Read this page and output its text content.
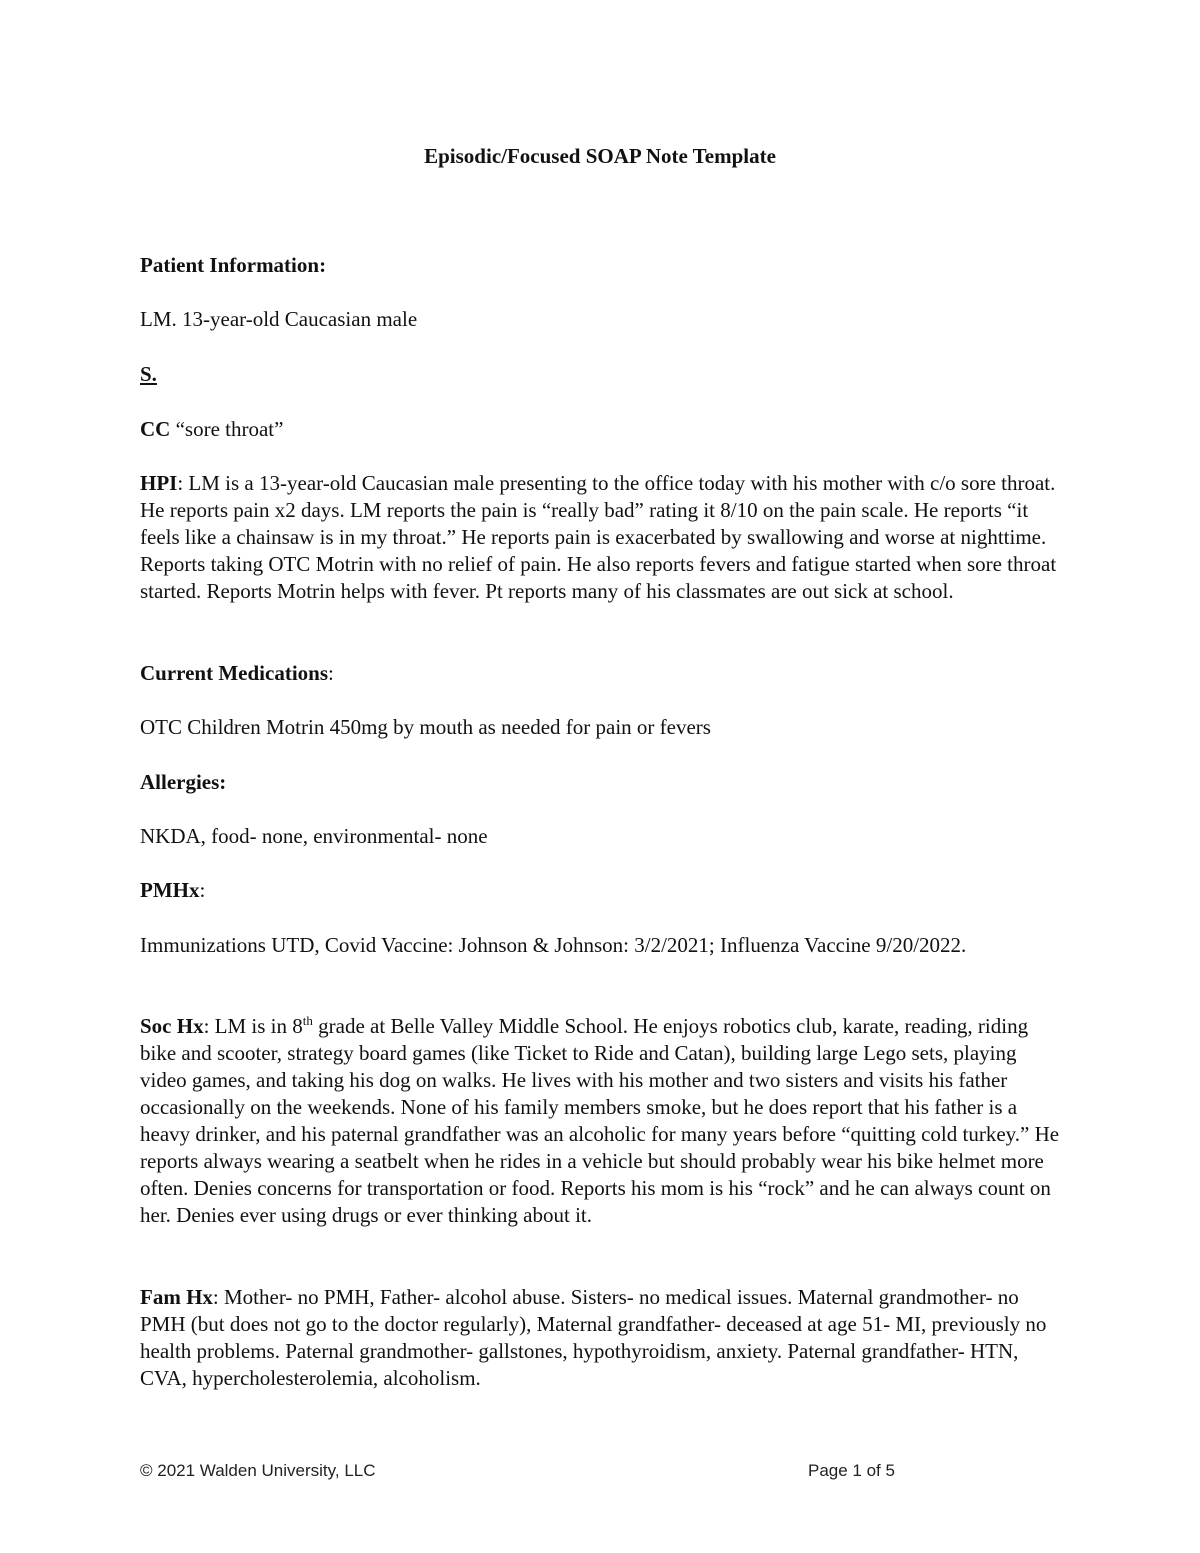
Episodic/Focused SOAP Note Template

Patient Information:

LM. 13-year-old Caucasian male

S.

CC “sore throat”

HPI: LM is a 13-year-old Caucasian male presenting to the office today with his mother with c/o sore throat. He reports pain x2 days. LM reports the pain is “really bad” rating it 8/10 on the pain scale. He reports “it feels like a chainsaw is in my throat.” He reports pain is exacerbated by swallowing and worse at nighttime. Reports taking OTC Motrin with no relief of pain. He also reports fevers and fatigue started when sore throat started. Reports Motrin helps with fever. Pt reports many of his classmates are out sick at school.

Current Medications:

OTC Children Motrin 450mg by mouth as needed for pain or fevers

Allergies:

NKDA, food- none, environmental- none

PMHx:

Immunizations UTD, Covid Vaccine: Johnson & Johnson: 3/2/2021; Influenza Vaccine 9/20/2022.

Soc Hx: LM is in 8th grade at Belle Valley Middle School. He enjoys robotics club, karate, reading, riding bike and scooter, strategy board games (like Ticket to Ride and Catan), building large Lego sets, playing video games, and taking his dog on walks. He lives with his mother and two sisters and visits his father occasionally on the weekends. None of his family members smoke, but he does report that his father is a heavy drinker, and his paternal grandfather was an alcoholic for many years before “quitting cold turkey.” He reports always wearing a seatbelt when he rides in a vehicle but should probably wear his bike helmet more often. Denies concerns for transportation or food. Reports his mom is his “rock” and he can always count on her. Denies ever using drugs or ever thinking about it.

Fam Hx: Mother- no PMH, Father- alcohol abuse. Sisters- no medical issues. Maternal grandmother- no PMH (but does not go to the doctor regularly), Maternal grandfather- deceased at age 51- MI, previously no health problems. Paternal grandmother- gallstones, hypothyroidism, anxiety. Paternal grandfather- HTN, CVA, hypercholesterolemia, alcoholism.

© 2021 Walden University, LLC	Page 1 of 5
